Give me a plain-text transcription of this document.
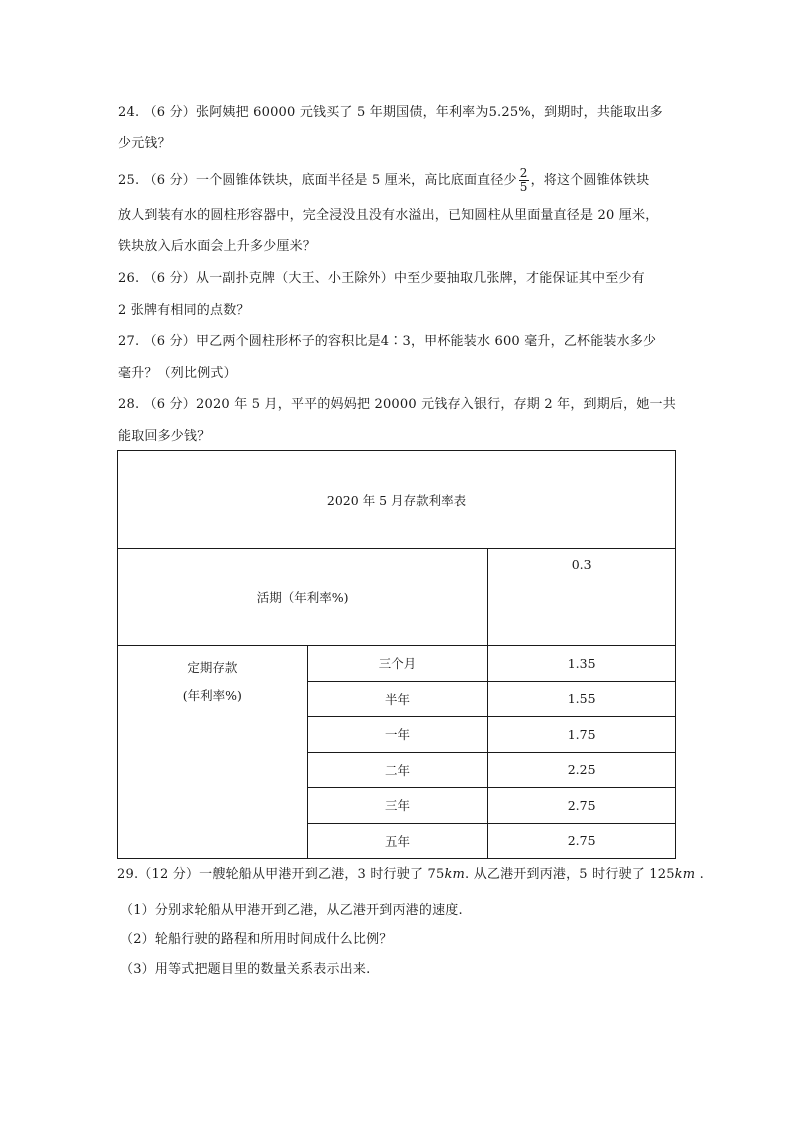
24. （6 分）张阿姨把 60000 元钱买了 5 年期国债，年利率为5.25%，到期时，共能取出多
少元钱？
25. （6 分）一个圆锥体铁块，底面半径是 5 厘米，高比底面直径少 $\frac{2}{5}$ ，将这个圆锥体铁块
放人到装有水的圆柱形容器中，完全浸没且没有水溢出，已知圆柱从里面量直径是 20 厘米，
铁块放入后水面会上升多少厘米？
26. （6 分）从一副扑克牌（大王、小王除外）中至少要抽取几张牌，才能保证其中至少有
2 张牌有相同的点数？
27. （6 分）甲乙两个圆柱形杯子的容积比是4∶3，甲杯能装水 600 毫升，乙杯能装水多少
毫升？（列比例式）
28. （6 分）2020 年 5 月，平平的妈妈把 20000 元钱存入银行，存期 2 年，到期后，她一共
能取回多少钱？
2020 年 5 月存款利率表		
活期（年利率%)		0.3

定期存款
(年利率%)	三个月	1.35
	半年	1.55
	一年	1.75
	二年	2.25
	三年	2.75
	五年	2.75
29.（12 分）一艘轮船从甲港开到乙港，3 时行驶了 75km. 从乙港开到丙港，5 时行驶了 125km .
（1）分别求轮船从甲港开到乙港，从乙港开到丙港的速度.
（2）轮船行驶的路程和所用时间成什么比例？
（3）用等式把题目里的数量关系表示出来.
